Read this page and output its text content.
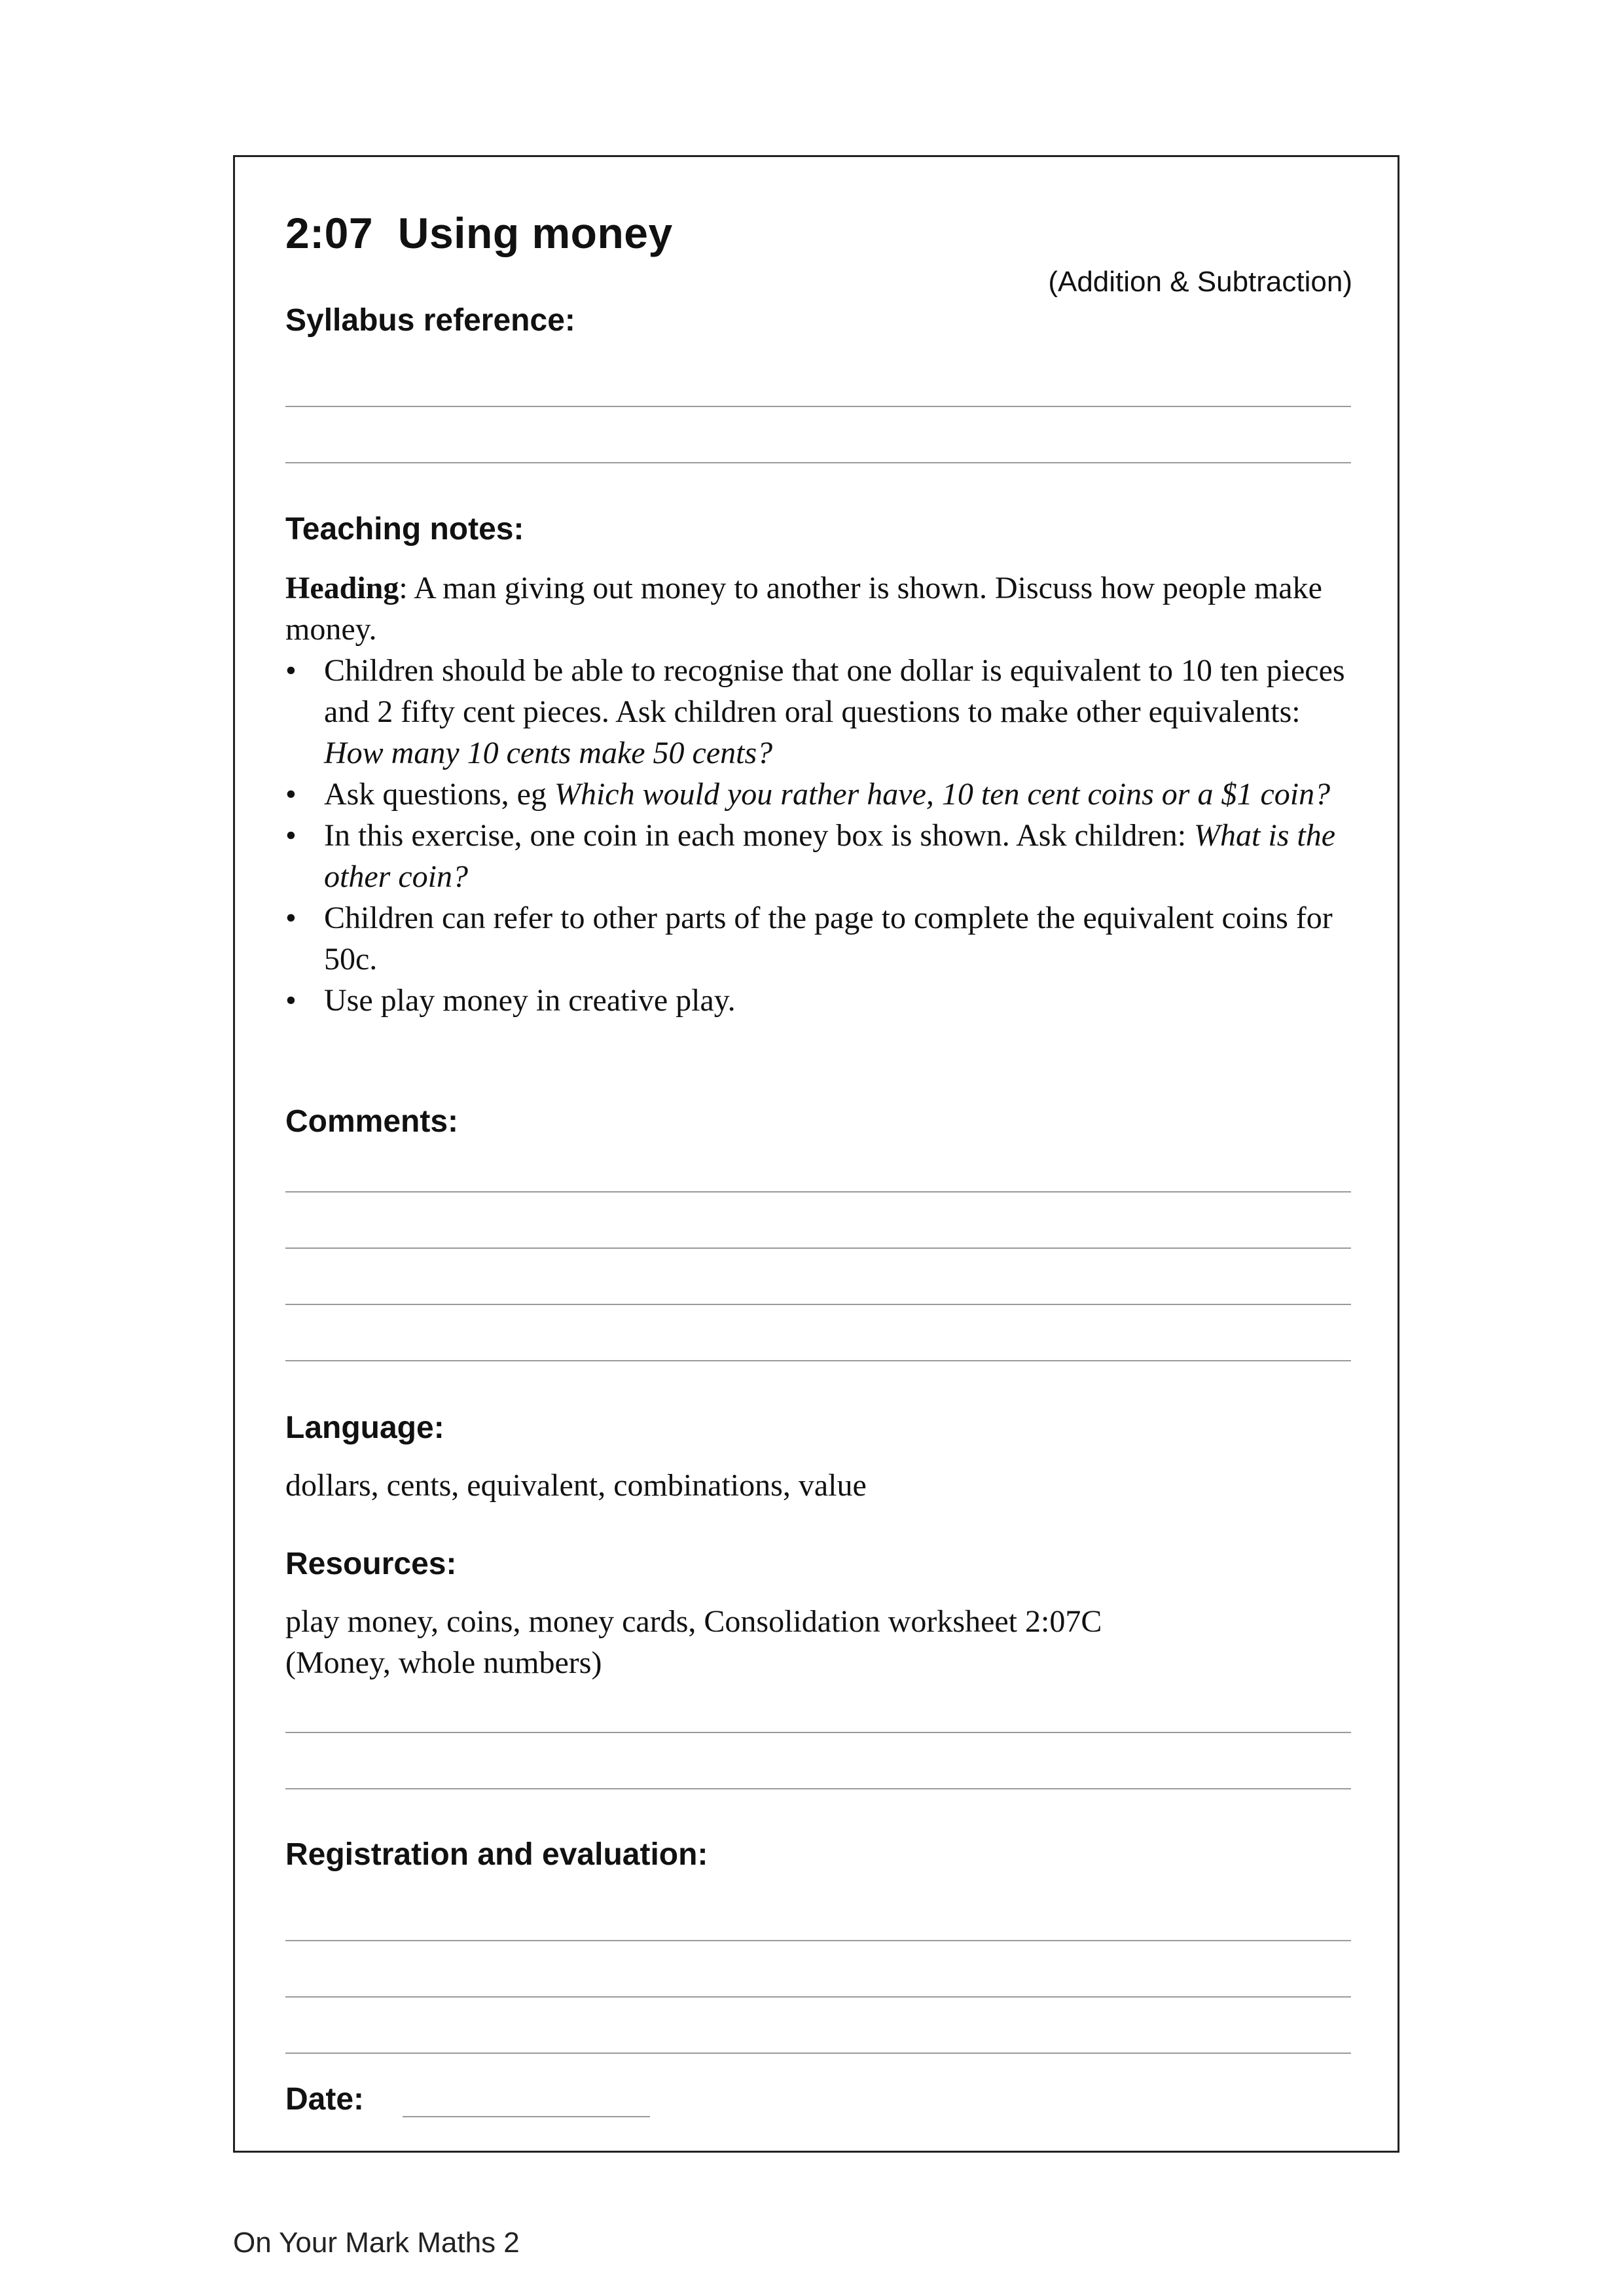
2:07 Using money
(Addition & Subtraction)
Syllabus reference:
Teaching notes:

Heading: A man giving out money to another is shown. Discuss how people make money.

• Children should be able to recognise that one dollar is equivalent to 10 ten pieces and 2 fifty cent pieces. Ask children oral questions to make other equivalents: How many 10 cents make 50 cents?
• Ask questions, eg Which would you rather have, 10 ten cent coins or a $1 coin?
• In this exercise, one coin in each money box is shown. Ask children: What is the other coin?
• Children can refer to other parts of the page to complete the equivalent coins for 50c.
• Use play money in creative play.
Comments:
Language:
dollars, cents, equivalent, combinations, value
Resources:
play money, coins, money cards, Consolidation worksheet 2:07C
(Money, whole numbers)
Registration and evaluation:
Date:
On Your Mark Maths 2
